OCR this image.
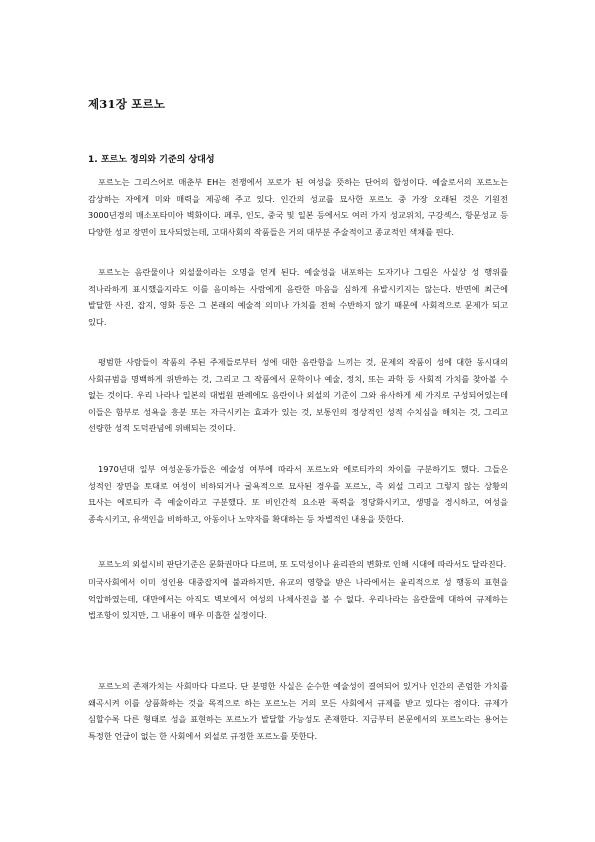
제31장 포르노
1. 포르노 정의와 기준의 상대성

포르노는 그리스어로 매춘부 EH는 전쟁에서 포로가 된 여성을 뜻하는 단어의 합성이다. 예술로서의 포르노는 감상하는 자에게 미와 매력을 제공해 주고 있다. 인간의 성교를 묘사한 포르노 중 가장 오래된 것은 기원전 3000년경의 매소포타미아 벽화이다. 페루, 인도, 중국 및 일본 등에서도 여러 가지 성교위치, 구강섹스, 항문성교 등 다양한 성교 장면이 묘사되었는데, 고대사회의 작품들은 거의 대부분 주술적이고 종교적인 색채를 띈다.

포르노는 음란물이나 외설물이라는 오명을 얻게 된다. 예술성을 내포하는 도자기나 그림은 사실상 성 행위를 적나라하게 표시했을지라도 이를 음미하는 사람에게 음란한 마음을 심하게 유발시키지는 않는다. 반면에 최근에 발달한 사진, 잡지, 영화 등은 그 본래의 예술적 의미나 가치를 전혀 수반하지 않기 때문에 사회적으로 문제가 되고 있다.

평범한 사람들이 작품의 주된 주제들로부터 성에 대한 음란함을 느끼는 것, 문제의 작품이 성에 대한 동시대의 사회규범을 명백하게 위반하는 것, 그리고 그 작품에서 문학이나 예술, 정치, 또는 과학 등 사회적 가치를 찾아볼 수 없는 것이다. 우리 나라나 일본의 대법원 판례에도 음란이나 외설의 기준이 그와 유사하게 세 가지로 구성되어있는데 이들은 함부로 성욕을 흥분 또는 자극시키는 효과가 있는 것, 보통인의 정상적인 성적 수치심을 해치는 것, 그리고 선량한 성적 도덕관념에 위배되는 것이다.

1970년대 일부 여성운동가들은 예술성 여부에 따라서 포르노와 에로티카의 차이를 구분하기도 했다. 그들은 성적인 장면을 토대로 여성이 비하되거나 굴욕적으로 묘사된 경우를 포르노, 즉 외설 그리고 그렇지 않는 상황의 묘사는 에로티카 즉 예술이라고 구분했다. 또 비인간적 요소판 폭력을 정당화시키고, 생명을 경시하고, 여성을 종속시키고, 유색인을 비하하고, 아동이나 노약자를 확대하는 등 차별적인 내용을 뜻한다.

포르노의 외설시비 판단기준은 문화권마다 다르며, 또 도덕성이나 윤리관의 변화로 인해 시대에 따라서도 달라진다.

미국사회에서 이미 성인용 대중잡지에 불과하지만, 유교의 영향을 받은 나라에서는 윤리적으로 성 행동의 표현을 억압하였는데, 대만에서는 아직도 벽보에서 여성의 나체사진을 볼 수 없다. 우리나라는 음란물에 대하여 규제하는 법조항이 있지만, 그 내용이 매우 미흡한 실정이다.

포르노의 존재가치는 사회마다 다르다. 단 분명한 사실은 순수한 예술성이 결여되어 있거나 인간의 존엄한 가치를 왜곡시켜 이를 상품화하는 것을 목적으로 하는 포르노는 거의 모든 사회에서 규제를 받고 있다는 점이다. 규제가 심할수록 다른 형태로 성을 표현하는 포르노가 발달할 가능성도 존재한다. 지금부터 본문에서의 포르노라는 용어는 특정한 언급이 없는 한 사회에서 외설로 규정한 포르노를 뜻한다.
